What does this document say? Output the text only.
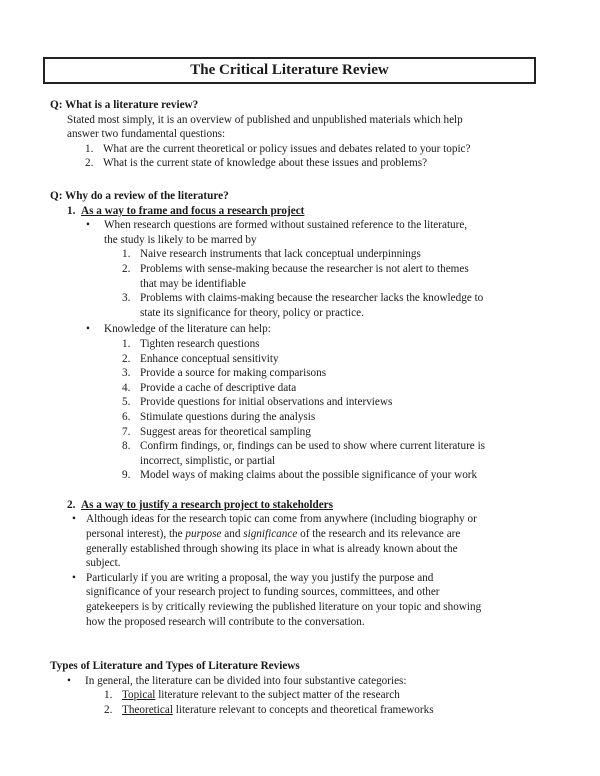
The Critical Literature Review
Q: What is a literature review?
Stated most simply, it is an overview of published and unpublished materials which help
answer two fundamental questions:
1. What are the current theoretical or policy issues and debates related to your topic?
2. What is the current state of knowledge about these issues and problems?
Q: Why do a review of the literature?
1. As a way to frame and focus a research project
• When research questions are formed without sustained reference to the literature,
the study is likely to be marred by
1. Naive research instruments that lack conceptual underpinnings
2. Problems with sense-making because the researcher is not alert to themes
that may be identifiable
3. Problems with claims-making because the researcher lacks the knowledge to
state its significance for theory, policy or practice.
• Knowledge of the literature can help:
1. Tighten research questions
2. Enhance conceptual sensitivity
3. Provide a source for making comparisons
4. Provide a cache of descriptive data
5. Provide questions for initial observations and interviews
6. Stimulate questions during the analysis
7. Suggest areas for theoretical sampling
8. Confirm findings, or, findings can be used to show where current literature is
incorrect, simplistic, or partial
9. Model ways of making claims about the possible significance of your work
2. As a way to justify a research project to stakeholders
• Although ideas for the research topic can come from anywhere (including biography or
personal interest), the purpose and significance of the research and its relevance are
generally established through showing its place in what is already known about the
subject.
• Particularly if you are writing a proposal, the way you justify the purpose and
significance of your research project to funding sources, committees, and other
gatekeepers is by critically reviewing the published literature on your topic and showing
how the proposed research will contribute to the conversation.
Types of Literature and Types of Literature Reviews
• In general, the literature can be divided into four substantive categories:
1. Topical literature relevant to the subject matter of the research
2. Theoretical literature relevant to concepts and theoretical frameworks
